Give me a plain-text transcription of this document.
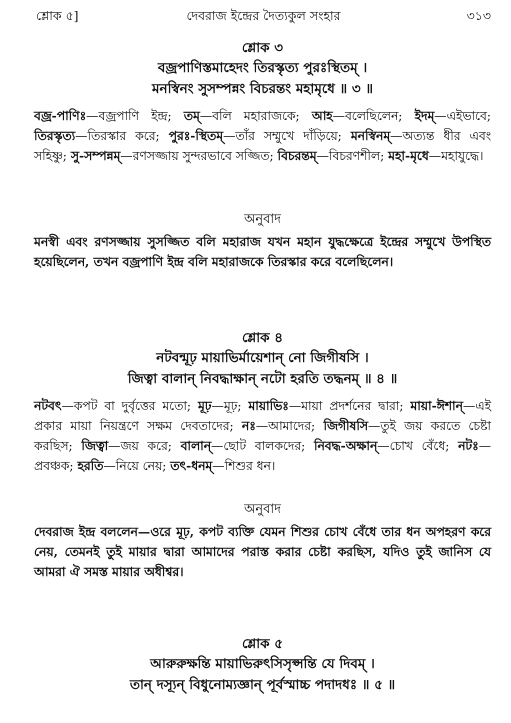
শ্লোক ৫]	দেবরাজ ইন্দ্রের দৈত্যকুল সংহার	৩১৩
শ্লোক ৩
বজ্রপাণিস্তমাহেদং তিরস্কৃত্য পুরঃস্থিতম্ ।
মনস্বিনং সুসম্পন্নং বিচরন্তং মহামৃধে ॥ ৩ ॥
বজ্র-পাণিঃ—বজ্রপাণি ইন্দ্র; তম্—বলি মহারাজকে; আহ—বলেছিলেন; ইদম্—এইভাবে; তিরস্কৃত্য—তিরস্কার করে; পুরঃ-স্থিতম্—তাঁর সম্মুখে দাঁড়িয়ে; মনস্বিনম্—অত্যন্ত ধীর এবং সহিষ্ণু; সু-সম্পন্নম্—রণসজ্জায় সুন্দরভাবে সজ্জিত; বিচরন্তম্—বিচরণশীল; মহা-মৃধে—মহাযুদ্ধে।
অনুবাদ
মনস্বী এবং রণসজ্জায় সুসজ্জিত বলি মহারাজ যখন মহান যুদ্ধক্ষেত্রে ইন্দ্রের সম্মুখে উপস্থিত হয়েছিলেন, তখন বজ্রপাণি ইন্দ্র বলি মহারাজকে তিরস্কার করে বলেছিলেন।
শ্লোক ৪
নটবন্মূঢ় মায়াভির্মায়েশান্ নো জিগীষসি ।
জিত্বা বালান্ নিবদ্ধাক্ষান্ নটো হরতি তদ্ধনম্ ॥ ৪ ॥
নটবৎ—কপট বা দুর্বৃত্তের মতো; মূঢ়—মূঢ়; মায়াভিঃ—মায়া প্রদর্শনের দ্বারা; মায়া-ঈশান্—এই প্রকার মায়া নিয়ন্ত্রণে সক্ষম দেবতাদের; নঃ—আমাদের; জিগীষসি—তুই জয় করতে চেষ্টা করছিস; জিত্বা—জয় করে; বালান্—ছোট বালকদের; নিবদ্ধ-অক্ষান্—চোখ বেঁধে; নটঃ—প্রবঞ্চক; হরতি—নিয়ে নেয়; তৎ-ধনম্—শিশুর ধন।
অনুবাদ
দেবরাজ ইন্দ্র বললেন—ওরে মূঢ়, কপট ব্যক্তি যেমন শিশুর চোখ বেঁধে তার ধন অপহরণ করে নেয়, তেমনই তুই মায়ার দ্বারা আমাদের পরাস্ত করার চেষ্টা করছিস, যদিও তুই জানিস যে আমরা ঐ সমস্ত মায়ার অধীশ্বর।
শ্লোক ৫
আরুরুক্ষন্তি মায়াভিরুৎসিসৃপ্সন্তি যে দিবম্ ।
তান্ দস্যূন্ বিধুনোম্যজ্ঞান্ পূর্বস্মাচ্চ পদাদধঃ ॥ ৫ ॥
